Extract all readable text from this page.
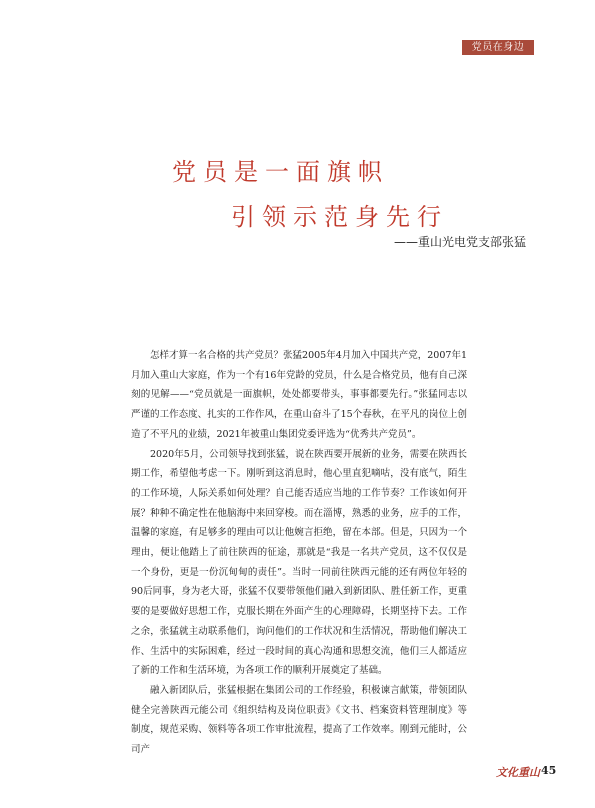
党员在身边
党员是一面旗帜
引领示范身先行
——重山光电党支部张猛

怎样才算一名合格的共产党员？张猛2005年4月加入中国共产党，2007年1月加入重山大家庭，作为一个有16年党龄的党员，什么是合格党员，他有自己深刻的见解——“党员就是一面旗帜，处处都要带头，事事都要先行。”张猛同志以严谨的工作态度、扎实的工作作风，在重山奋斗了15个春秋，在平凡的岗位上创造了不平凡的业绩，2021年被重山集团党委评选为“优秀共产党员”。

2020年5月，公司领导找到张猛，说在陕西要开展新的业务，需要在陕西长期工作，希望他考虑一下。刚听到这消息时，他心里直犯嘀咕，没有底气，陌生的工作环境，人际关系如何处理？自己能否适应当地的工作节奏？工作该如何开展？种种不确定性在他脑海中来回穿梭。而在淄博，熟悉的业务，应手的工作，温馨的家庭，有足够多的理由可以让他婉言拒绝，留在本部。但是，只因为一个理由，便让他踏上了前往陕西的征途，那就是“我是一名共产党员，这不仅仅是一个身份，更是一份沉甸甸的责任”。当时一同前往陕西元能的还有两位年轻的90后同事，身为老大哥，张猛不仅要带领他们融入到新团队、胜任新工作，更重要的是要做好思想工作，克服长期在外面产生的心理障碍，长期坚持下去。工作之余，张猛就主动联系他们，询问他们的工作状况和生活情况，帮助他们解决工作、生活中的实际困难，经过一段时间的真心沟通和思想交流，他们三人都适应了新的工作和生活环境，为各项工作的顺利开展奠定了基础。

融入新团队后，张猛根据在集团公司的工作经验，积极谏言献策，带领团队健全完善陕西元能公司《组织结构及岗位职责》《文书、档案资料管理制度》等制度，规范采购、领料等各项工作审批流程，提高了工作效率。刚到元能时，公司产

文化重山 45
